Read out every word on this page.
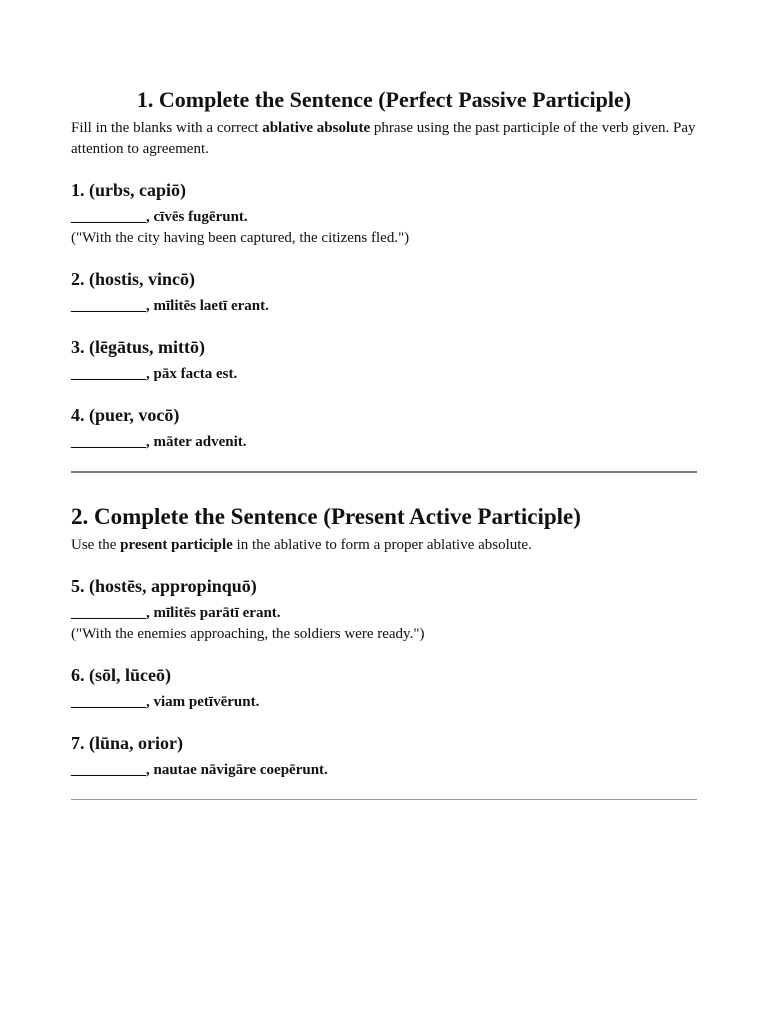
1. Complete the Sentence (Perfect Passive Participle)

Fill in the blanks with a correct ablative absolute phrase using the past participle of the verb given. Pay attention to agreement.

1. (urbs, capiō)

__________, cīvēs fugērunt.
("With the city having been captured, the citizens fled.")

2. (hostis, vincō)

__________, mīlitēs laetī erant.

3. (lēgātus, mittō)

__________, pāx facta est.

4. (puer, vocō)

__________, māter advenit.
2. Complete the Sentence (Present Active Participle)

Use the present participle in the ablative to form a proper ablative absolute.

5. (hostēs, appropinquō)

__________, mīlitēs parātī erant.
("With the enemies approaching, the soldiers were ready.")

6. (sōl, lūceō)

__________, viam petīvērunt.

7. (lūna, orior)

__________, nautae nāvigāre coepērunt.
